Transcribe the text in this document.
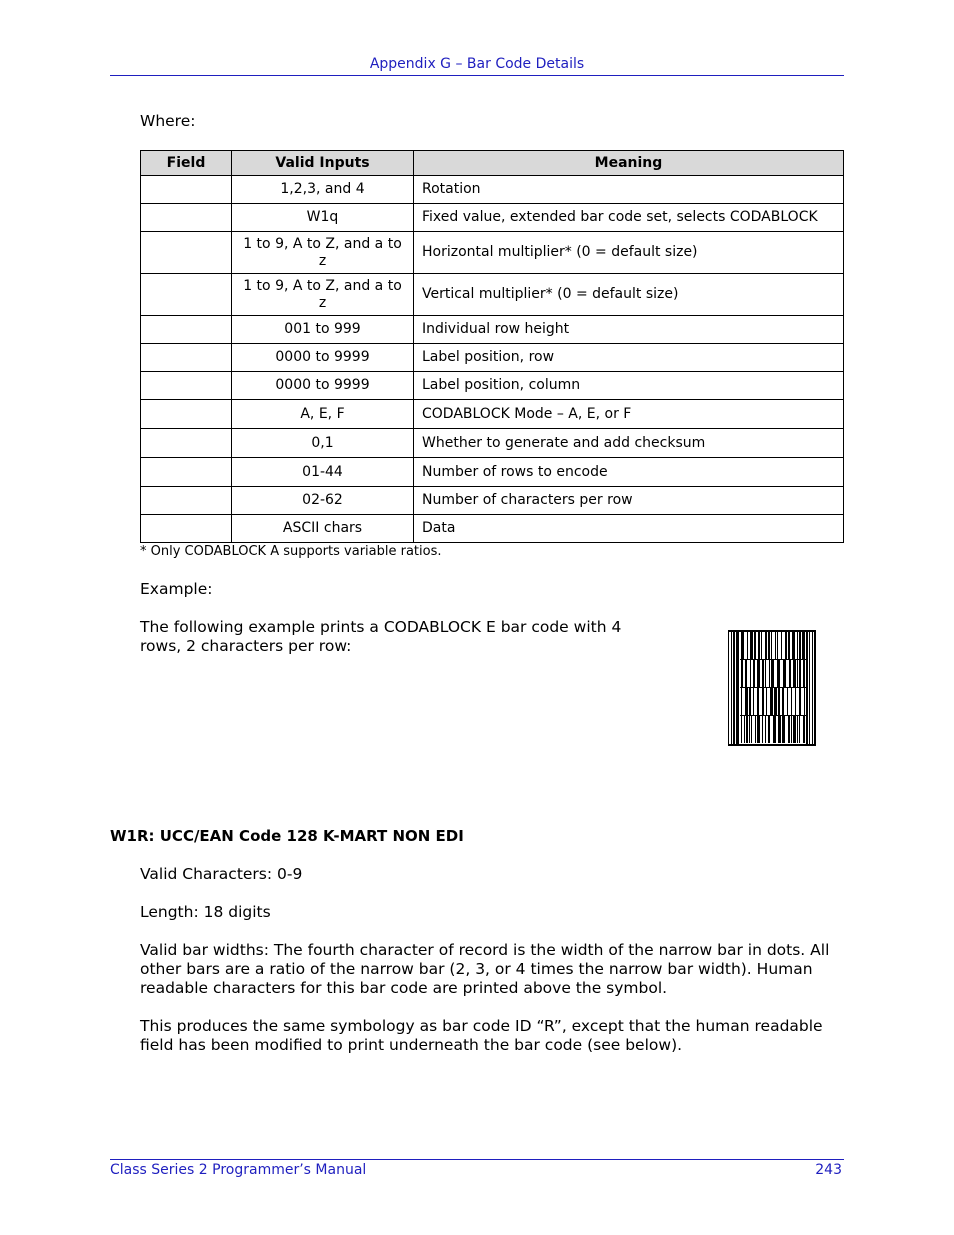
Appendix G – Bar Code Details
Where:
Field	Valid Inputs	Meaning
	1,2,3, and 4	Rotation
	W1q	Fixed value, extended bar code set, selects CODABLOCK
	1 to 9, A to Z, and a to z	Horizontal multiplier* (0 = default size)
	1 to 9, A to Z, and a to z	Vertical multiplier* (0 = default size)
	001 to 999	Individual row height
	0000 to 9999	Label position, row
	0000 to 9999	Label position, column
	A, E, F	CODABLOCK Mode – A, E, or F
	0,1	Whether to generate and add checksum
	01-44	Number of rows to encode
	02-62	Number of characters per row
	ASCII chars	Data
* Only CODABLOCK A supports variable ratios.
Example:
The following example prints a CODABLOCK E bar code with 4 rows, 2 characters per row:
W1R: UCC/EAN Code 128 K-MART NON EDI
Valid Characters: 0-9
Length: 18 digits
Valid bar widths: The fourth character of record is the width of the narrow bar in dots. All other bars are a ratio of the narrow bar (2, 3, or 4 times the narrow bar width). Human readable characters for this bar code are printed above the symbol.
This produces the same symbology as bar code ID “R”, except that the human readable field has been modified to print underneath the bar code (see below).
Class Series 2 Programmer’s Manual	243
